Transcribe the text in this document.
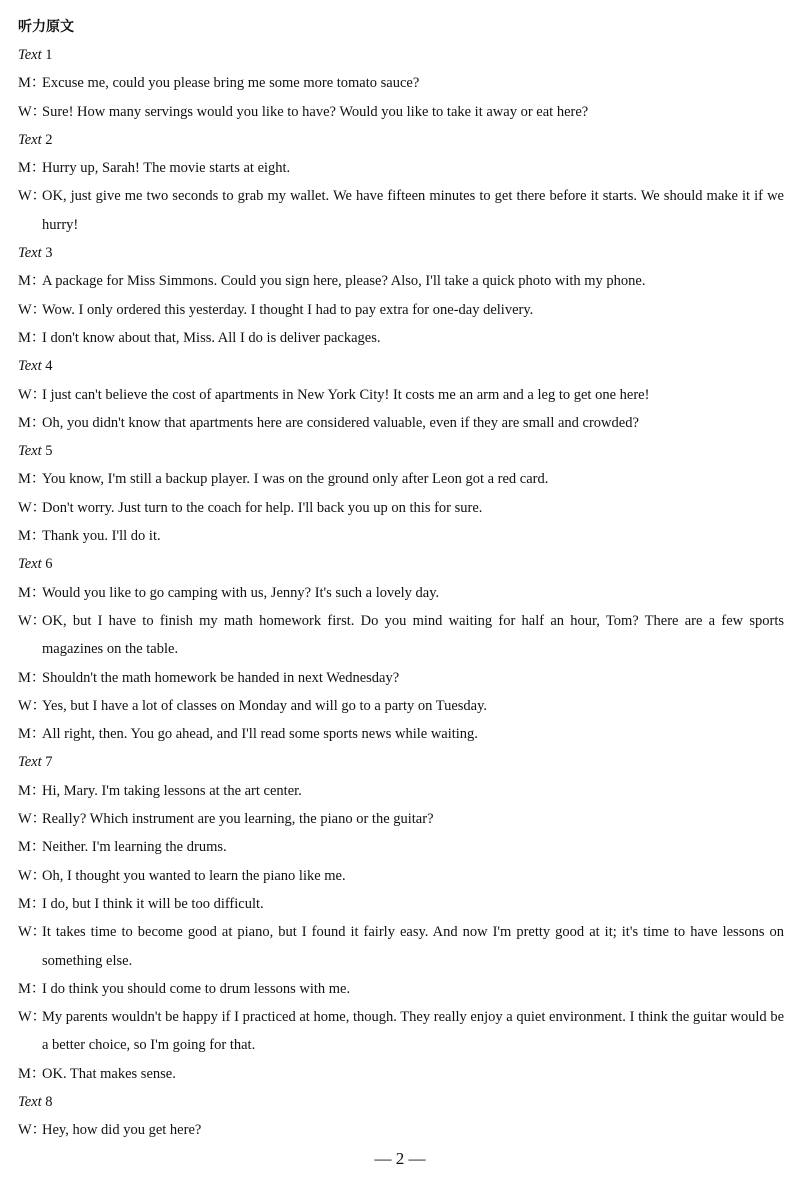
听力原文
Text 1
M：Excuse me, could you please bring me some more tomato sauce?
W：Sure! How many servings would you like to have? Would you like to take it away or eat here?
Text 2
M：Hurry up, Sarah! The movie starts at eight.
W：OK, just give me two seconds to grab my wallet. We have fifteen minutes to get there before it starts. We should make it if we hurry!
Text 3
M：A package for Miss Simmons. Could you sign here, please? Also, I'll take a quick photo with my phone.
W：Wow. I only ordered this yesterday. I thought I had to pay extra for one-day delivery.
M：I don't know about that, Miss. All I do is deliver packages.
Text 4
W：I just can't believe the cost of apartments in New York City! It costs me an arm and a leg to get one here!
M：Oh, you didn't know that apartments here are considered valuable, even if they are small and crowded?
Text 5
M：You know, I'm still a backup player. I was on the ground only after Leon got a red card.
W：Don't worry. Just turn to the coach for help. I'll back you up on this for sure.
M：Thank you. I'll do it.
Text 6
M：Would you like to go camping with us, Jenny? It's such a lovely day.
W：OK, but I have to finish my math homework first. Do you mind waiting for half an hour, Tom? There are a few sports magazines on the table.
M：Shouldn't the math homework be handed in next Wednesday?
W：Yes, but I have a lot of classes on Monday and will go to a party on Tuesday.
M：All right, then. You go ahead, and I'll read some sports news while waiting.
Text 7
M：Hi, Mary. I'm taking lessons at the art center.
W：Really? Which instrument are you learning, the piano or the guitar?
M：Neither. I'm learning the drums.
W：Oh, I thought you wanted to learn the piano like me.
M：I do, but I think it will be too difficult.
W：It takes time to become good at piano, but I found it fairly easy. And now I'm pretty good at it; it's time to have lessons on something else.
M：I do think you should come to drum lessons with me.
W：My parents wouldn't be happy if I practiced at home, though. They really enjoy a quiet environment. I think the guitar would be a better choice, so I'm going for that.
M：OK. That makes sense.
Text 8
W：Hey, how did you get here?
— 2 —
